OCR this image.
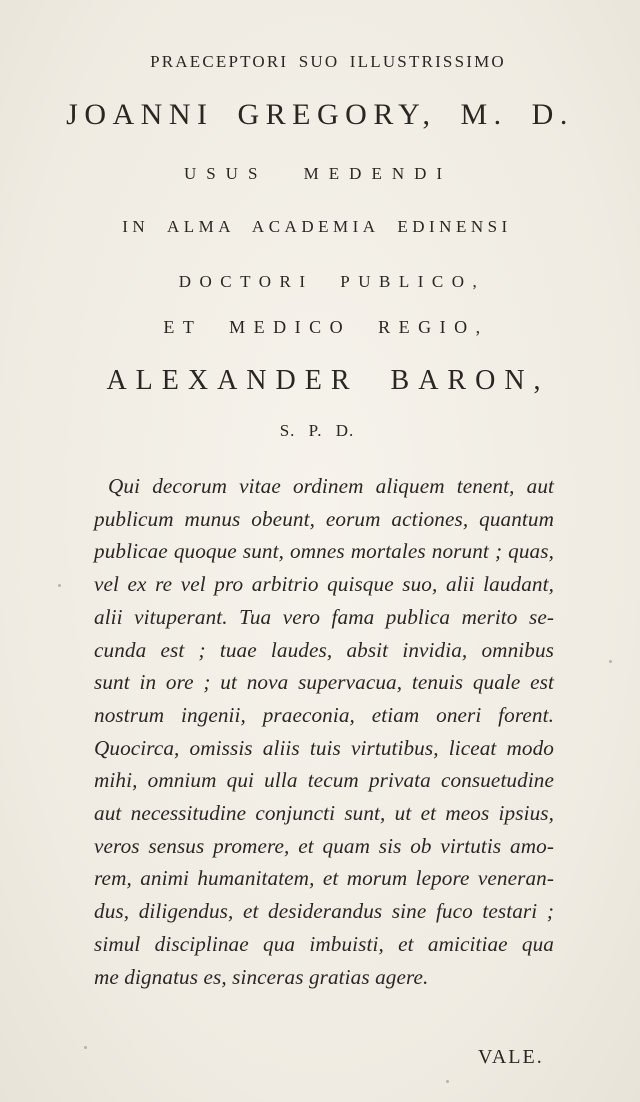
PRAECEPTORI SUO ILLUSTRISSIMO
JOANNI GREGORY, M. D.
USUS MEDENDI
IN ALMA ACADEMIA EDINENSI
DOCTORI PUBLICO,
ET MEDICO REGIO,
ALEXANDER BARON,
S. P. D.
Qui decorum vitae ordinem aliquem tenent, aut
publicum munus obeunt, eorum actiones, quantum
publicae quoque sunt, omnes mortales norunt ; quas,
vel ex re vel pro arbitrio quisque suo, alii laudant,
alii vituperant. Tua vero fama publica merito se-
cunda est ; tuae laudes, absit invidia, omnibus
sunt in ore ; ut nova supervacua, tenuis quale est
nostrum ingenii, praeconia, etiam oneri forent.
Quocirca, omissis aliis tuis virtutibus, liceat modo
mihi, omnium qui ulla tecum privata consuetudine
aut necessitudine conjuncti sunt, ut et meos ipsius,
veros sensus promere, et quam sis ob virtutis amo-
rem, animi humanitatem, et morum lepore veneran-
dus, diligendus, et desiderandus sine fuco testari ;
simul disciplinae qua imbuisti, et amicitiae qua
me dignatus es, sinceras gratias agere.
VALE.
